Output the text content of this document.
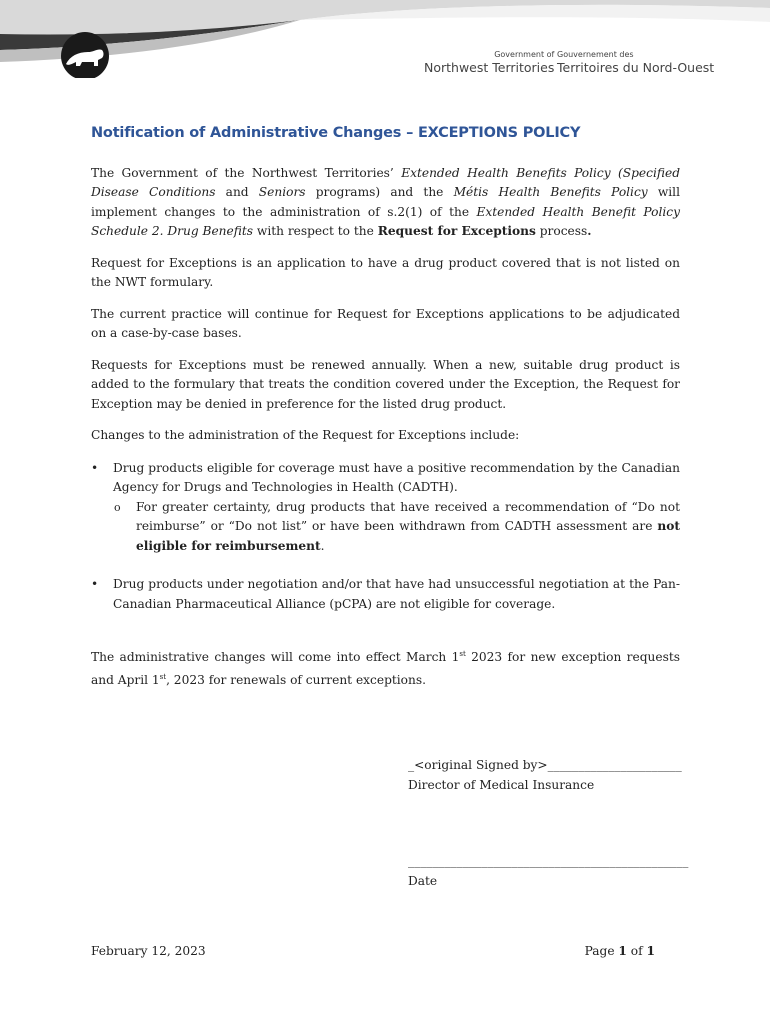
Government of
Northwest Territories
Gouvernement des
Territoires du Nord-Ouest
Notification of Administrative Changes – EXCEPTIONS POLICY

The Government of the Northwest Territories’ Extended Health Benefits Policy (Specified Disease Conditions and Seniors programs) and the Métis Health Benefits Policy will implement changes to the administration of s.2(1) of the Extended Health Benefit Policy Schedule 2. Drug Benefits with respect to the Request for Exceptions process.

Request for Exceptions is an application to have a drug product covered that is not listed on the NWT formulary.

The current practice will continue for Request for Exceptions applications to be adjudicated on a case-by-case bases.

Requests for Exceptions must be renewed annually. When a new, suitable drug product is added to the formulary that treats the condition covered under the Exception, the Request for Exception may be denied in preference for the listed drug product.

Changes to the administration of the Request for Exceptions include:

• Drug products eligible for coverage must have a positive recommendation by the Canadian Agency for Drugs and Technologies in Health (CADTH).
o For greater certainty, drug products that have received a recommendation of “Do not reimburse” or “Do not list” or have been withdrawn from CADTH assessment are not eligible for reimbursement.
• Drug products under negotiation and/or that have had unsuccessful negotiation at the Pan-Canadian Pharmaceutical Alliance (pCPA) are not eligible for coverage.

The administrative changes will come into effect March 1st 2023 for new exception requests and April 1st, 2023 for renewals of current exceptions.

_<original Signed by>______________________
Director of Medical Insurance
______________________________________________
Date
February 12, 2023	Page 1 of 1
